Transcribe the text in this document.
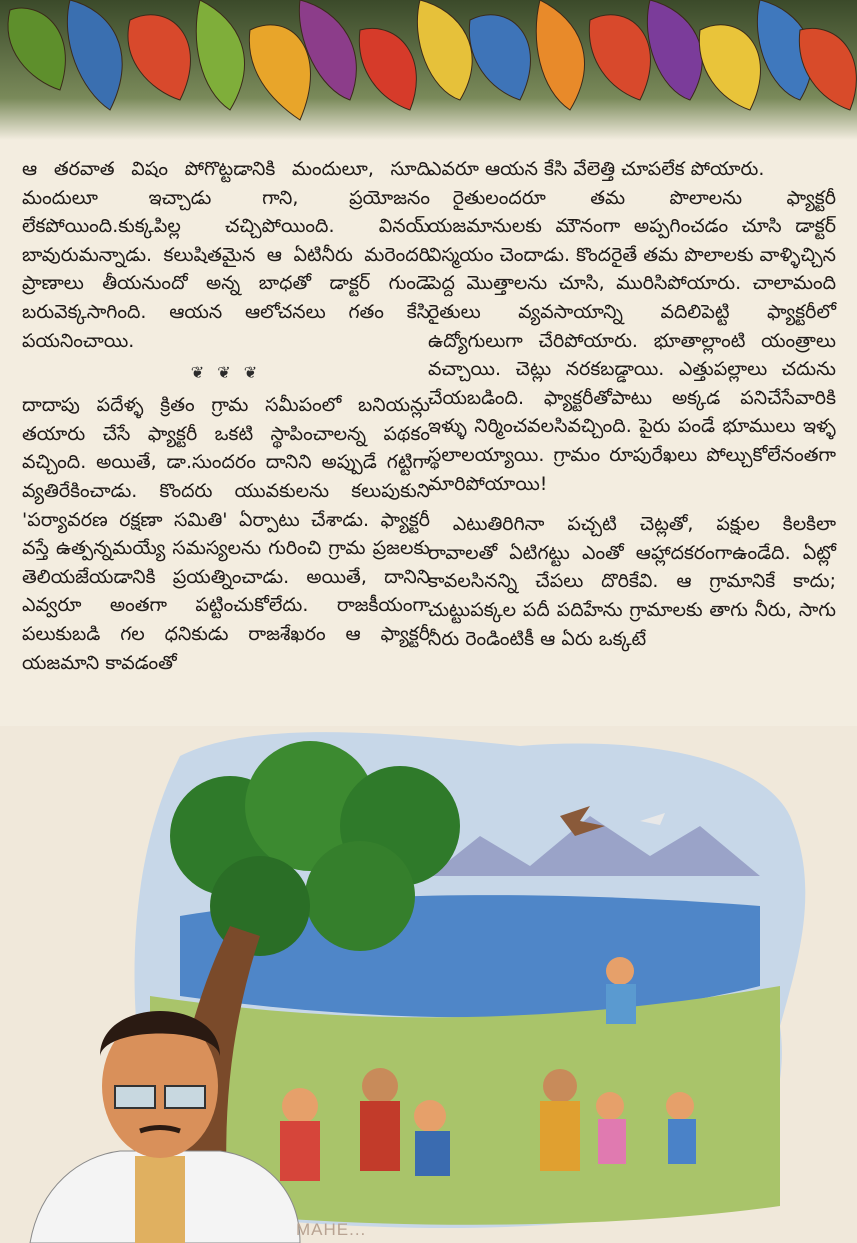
ఆ తరవాత విషం పోగొట్టడానికి మందులూ, సూది మందులూ ఇచ్చాడు గాని, ప్రయోజనం లేకపోయింది.కుక్కపిల్ల చచ్చిపోయింది. వినయ్ బావురుమన్నాడు. కలుషితమైన ఆ ఏటినీరు మరెందరి ప్రాణాలు తీయనుందో అన్న బాధతో డాక్టర్ గుండె బరువెక్కసాగింది. ఆయన ఆలోచనలు గతం కేసి పయనించాయి.

❦ ❦ ❦

దాదాపు పదేళ్ళ క్రితం గ్రామ సమీపంలో బనియన్లు తయారు చేసే ఫ్యాక్టరీ ఒకటి స్థాపించాలన్న పథకం వచ్చింది. అయితే, డా.సుందరం దానిని అప్పుడే గట్టిగా వ్యతిరేకించాడు. కొందరు యువకులను కలుపుకుని 'పర్యావరణ రక్షణా సమితి' ఏర్పాటు చేశాడు. ఫ్యాక్టరీ వస్తే ఉత్పన్నమయ్యే సమస్యలను గురించి గ్రామ ప్రజలకు తెలియజేయడానికి ప్రయత్నించాడు. అయితే, దానిని ఎవ్వరూ అంతగా పట్టించుకోలేదు. రాజకీయంగా పలుకుబడి గల ధనికుడు రాజశేఖరం ఆ ఫ్యాక్టరీ యజమాని కావడంతో

ఎవరూ ఆయన కేసి వేలెత్తి చూపలేక పోయారు.

రైతులందరూ తమ పొలాలను ఫ్యాక్టరీ యజమానులకు మౌనంగా అప్పగించడం చూసి డాక్టర్ విస్మయం చెందాడు. కొందరైతే తమ పొలాలకు వాళ్ళిచ్చిన పెద్ద మొత్తాలను చూసి, మురిసిపోయారు. చాలామంది రైతులు వ్యవసాయాన్ని వదిలిపెట్టి ఫ్యాక్టరీలో ఉద్యోగులుగా చేరిపోయారు. భూతాల్లాంటి యంత్రాలు వచ్చాయి. చెట్లు నరకబడ్డాయి. ఎత్తుపల్లాలు చదును చేయబడింది. ఫ్యాక్టరీతోపాటు అక్కడ పనిచేసేవారికి ఇళ్ళు నిర్మించవలసివచ్చింది. పైరు పండే భూములు ఇళ్ళ స్థలాలయ్యాయి. గ్రామం రూపురేఖలు పోల్చుకోలేనంతగా మారిపోయాయి!

ఎటుతిరిగినా పచ్చటి చెట్లతో, పక్షుల కిలకిలా రావాలతో ఏటిగట్టు ఎంతో ఆహ్లాదకరంగాఉండేది. ఏట్లో కావలసినన్ని చేపలు దొరికేవి. ఆ గ్రామానికే కాదు; చుట్టుపక్కల పదీ పదిహేను గ్రామాలకు తాగు నీరు, సాగు నీరు రెండింటికీ ఆ ఏరు ఒక్కటే

MAHE...
